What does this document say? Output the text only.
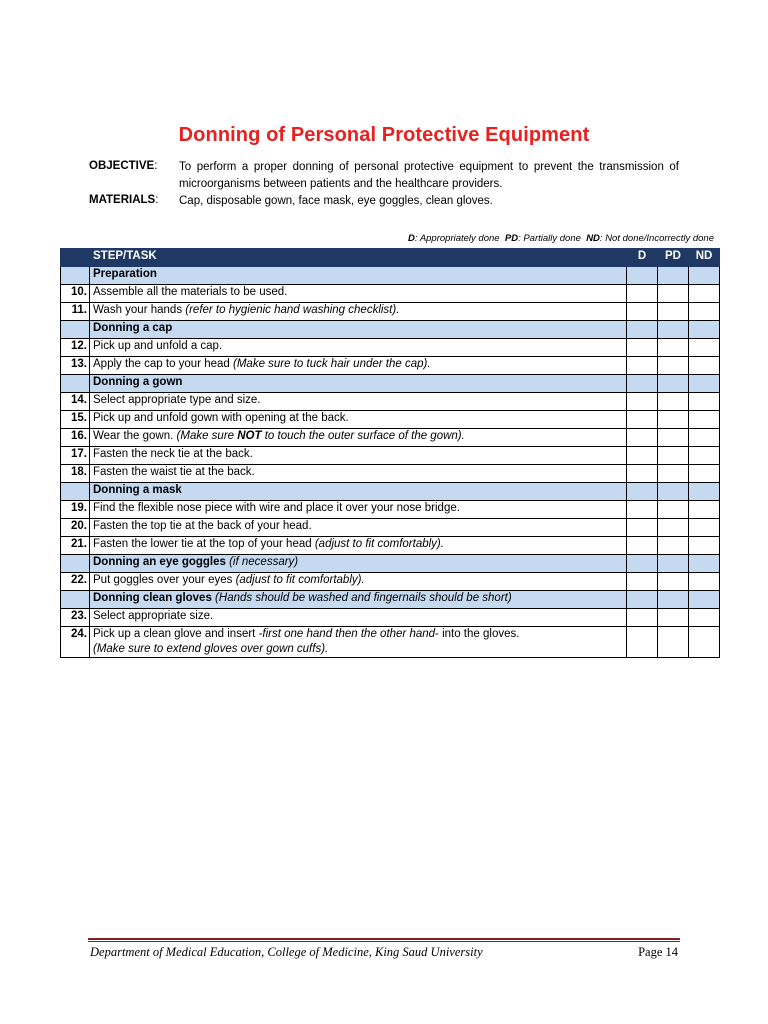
Donning of Personal Protective Equipment
OBJECTIVE: To perform a proper donning of personal protective equipment to prevent the transmission of microorganisms between patients and the healthcare providers.
MATERIALS: Cap, disposable gown, face mask, eye goggles, clean gloves.
D: Appropriately done PD: Partially done ND: Not done/Incorrectly done
	STEP/TASK	D	PD	ND
	Preparation			
10.	Assemble all the materials to be used.			
11.	Wash your hands (refer to hygienic hand washing checklist).			
	Donning a cap			
12.	Pick up and unfold a cap.			
13.	Apply the cap to your head (Make sure to tuck hair under the cap).			
	Donning a gown			
14.	Select appropriate type and size.			
15.	Pick up and unfold gown with opening at the back.			
16.	Wear the gown. (Make sure NOT to touch the outer surface of the gown).			
17.	Fasten the neck tie at the back.			
18.	Fasten the waist tie at the back.			
	Donning a mask			
19.	Find the flexible nose piece with wire and place it over your nose bridge.			
20.	Fasten the top tie at the back of your head.			
21.	Fasten the lower tie at the top of your head (adjust to fit comfortably).			
	Donning an eye goggles (if necessary)			
22.	Put goggles over your eyes (adjust to fit comfortably).			
	Donning clean gloves (Hands should be washed and fingernails should be short)			
23.	Select appropriate size.			
24.	Pick up a clean glove and insert -first one hand then the other hand- into the gloves.
(Make sure to extend gloves over gown cuffs).			
Department of Medical Education, College of Medicine, King Saud University	Page 14
